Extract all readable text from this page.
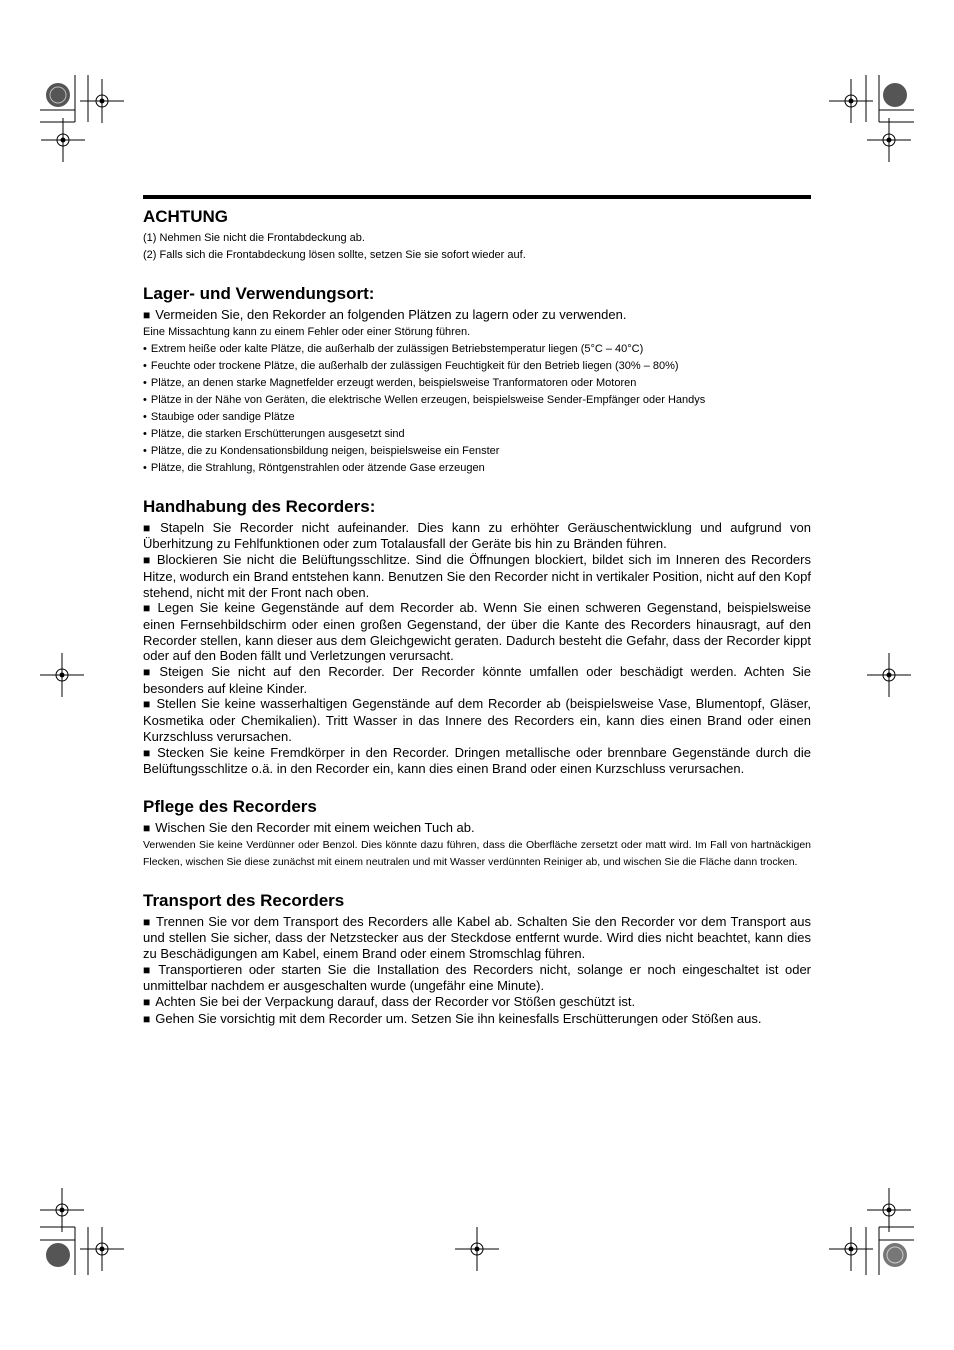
ACHTUNG

(1) Nehmen Sie nicht die Frontabdeckung ab.

(2) Falls sich die Frontabdeckung lösen sollte, setzen Sie sie sofort wieder auf.

Lager- und Verwendungsort:

■ Vermeiden Sie, den Rekorder an folgenden Plätzen zu lagern oder zu verwenden.

Eine Missachtung kann zu einem Fehler oder einer Störung führen.

• Extrem heiße oder kalte Plätze, die außerhalb der zulässigen Betriebstemperatur liegen (5°C – 40°C)

• Feuchte oder trockene Plätze, die außerhalb der zulässigen Feuchtigkeit für den Betrieb liegen (30% – 80%)

• Plätze, an denen starke Magnetfelder erzeugt werden, beispielsweise Tranformatoren oder Motoren

• Plätze in der Nähe von Geräten, die elektrische Wellen erzeugen, beispielsweise Sender-Empfänger oder Handys

• Staubige oder sandige Plätze

• Plätze, die starken Erschütterungen ausgesetzt sind

• Plätze, die zu Kondensationsbildung neigen, beispielsweise ein Fenster

• Plätze, die Strahlung, Röntgenstrahlen oder ätzende Gase erzeugen

Handhabung des Recorders:

■ Stapeln Sie Recorder nicht aufeinander. Dies kann zu erhöhter Geräuschentwicklung und aufgrund von Überhitzung zu Fehlfunktionen oder zum Totalausfall der Geräte bis hin zu Bränden führen.

■ Blockieren Sie nicht die Belüftungsschlitze. Sind die Öffnungen blockiert, bildet sich im Inneren des Recorders Hitze, wodurch ein Brand entstehen kann. Benutzen Sie den Recorder nicht in vertikaler Position, nicht auf den Kopf stehend, nicht mit der Front nach oben.

■ Legen Sie keine Gegenstände auf dem Recorder ab. Wenn Sie einen schweren Gegenstand, beispielsweise einen Fernsehbildschirm oder einen großen Gegenstand, der über die Kante des Recorders hinausragt, auf den Recorder stellen, kann dieser aus dem Gleichgewicht geraten. Dadurch besteht die Gefahr, dass der Recorder kippt oder auf den Boden fällt und Verletzungen verursacht.

■ Steigen Sie nicht auf den Recorder. Der Recorder könnte umfallen oder beschädigt werden. Achten Sie besonders auf kleine Kinder.

■ Stellen Sie keine wasserhaltigen Gegenstände auf dem Recorder ab (beispielsweise Vase, Blumentopf, Gläser, Kosmetika oder Chemikalien). Tritt Wasser in das Innere des Recorders ein, kann dies einen Brand oder einen Kurzschluss verursachen.

■ Stecken Sie keine Fremdkörper in den Recorder. Dringen metallische oder brennbare Gegenstände durch die Belüftungsschlitze o.ä. in den Recorder ein, kann dies einen Brand oder einen Kurzschluss verursachen.

Pflege des Recorders

■ Wischen Sie den Recorder mit einem weichen Tuch ab.

Verwenden Sie keine Verdünner oder Benzol. Dies könnte dazu führen, dass die Oberfläche zersetzt oder matt wird. Im Fall von hartnäckigen Flecken, wischen Sie diese zunächst mit einem neutralen und mit Wasser verdünnten Reiniger ab, und wischen Sie die Fläche dann trocken.

Transport des Recorders

■ Trennen Sie vor dem Transport des Recorders alle Kabel ab. Schalten Sie den Recorder vor dem Transport aus und stellen Sie sicher, dass der Netzstecker aus der Steckdose entfernt wurde. Wird dies nicht beachtet, kann dies zu Beschädigungen am Kabel, einem Brand oder einem Stromschlag führen.

■ Transportieren oder starten Sie die Installation des Recorders nicht, solange er noch eingeschaltet ist oder unmittelbar nachdem er ausgeschalten wurde (ungefähr eine Minute).

■ Achten Sie bei der Verpackung darauf, dass der Recorder vor Stößen geschützt ist.

■ Gehen Sie vorsichtig mit dem Recorder um. Setzen Sie ihn keinesfalls Erschütterungen oder Stößen aus.
